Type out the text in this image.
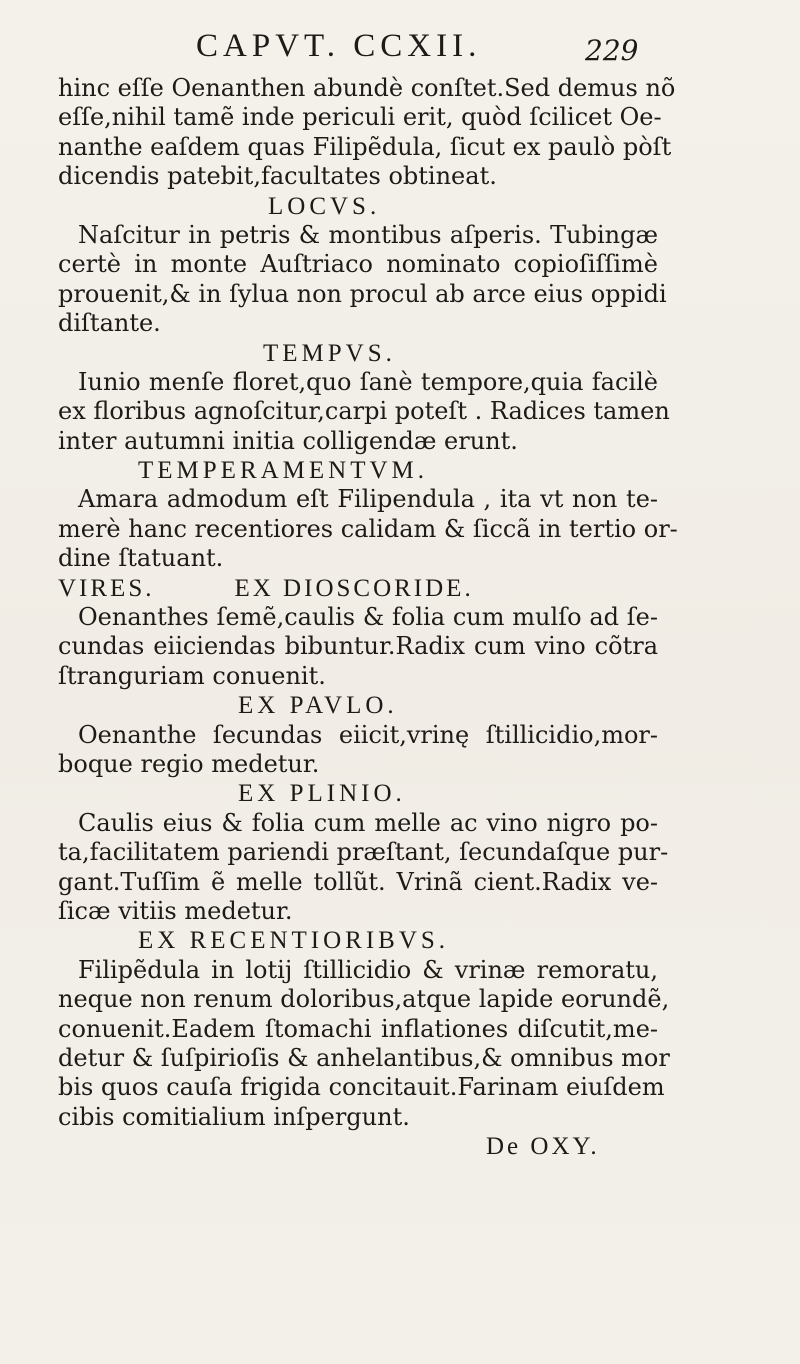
CAPVT. CCXII.	229
hinc eſſe Oenanthen abundè conſtet.Sed demus nõ
eſſe,nihil tamẽ inde periculi erit, quòd ſcilicet Oe-
nanthe eaſdem quas Filipẽdula, ſicut ex paulò pòſt
dicendis patebit,facultates obtineat.
LOCVS.
Naſcitur in petris & montibus aſperis. Tubingæ
certè in monte Auſtriaco nominato copioſiſſimè
prouenit,& in ſylua non procul ab arce eius oppidi
diſtante.
TEMPVS.
Iunio menſe floret,quo ſanè tempore,quia facilè
ex floribus agnoſcitur,carpi poteſt . Radices tamen
inter autumni initia colligendæ erunt.
TEMPERAMENTVM.
Amara admodum eſt Filipendula , ita vt non te-
merè hanc recentiores calidam & ſiccã in tertio or-
dine ſtatuant.
VIRES.	EX DIOSCORIDE.
Oenanthes ſemẽ,caulis & folia cum mulſo ad ſe-
cundas eiiciendas bibuntur.Radix cum vino cõtra
ſtranguriam conuenit.
EX PAVLO.
Oenanthe ſecundas eiicit,vrinę ſtillicidio,mor-
boque regio medetur.
EX PLINIO.
Caulis eius & folia cum melle ac vino nigro po-
ta,facilitatem pariendi præſtant, ſecundaſque pur-
gant.Tuſſim ẽ melle tollũt. Vrinã cient.Radix ve-
ſicæ vitiis medetur.
EX RECENTIORIBVS.
Filipẽdula in lotij ſtillicidio & vrinæ remoratu,
neque non renum doloribus,atque lapide eorundẽ,
conuenit.Eadem ſtomachi inflationes diſcutit,me-
detur & ſuſpirioſis & anhelantibus,& omnibus mor
bis quos cauſa frigida concitauit.Farinam eiuſdem
cibis comitialium inſpergunt.
De OXY.
